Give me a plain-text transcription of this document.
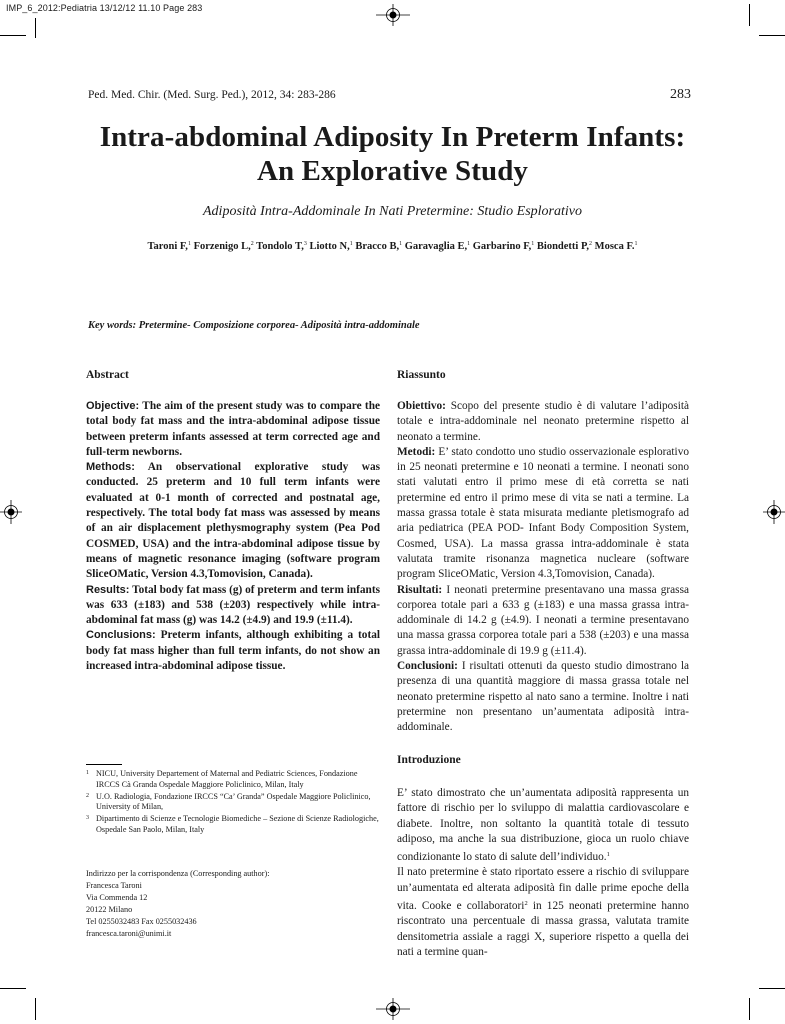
IMP_6_2012:Pediatria 13/12/12 11.10 Page 283
Ped. Med. Chir. (Med. Surg. Ped.), 2012, 34: 283-286	283
Intra-abdominal Adiposity In Preterm Infants:
An Explorative Study
Adiposità Intra-Addominale In Nati Pretermine: Studio Esplorativo
Taroni F,$^1$ Forzenigo L,$^2$ Tondolo T,$^3$ Liotto N,$^1$ Bracco B,$^1$ Garavaglia E,$^1$ Garbarino F,$^1$ Biondetti P,$^2$ Mosca F.$^1$
Key words: Pretermine- Composizione corporea- Adiposità intra-addominale
Abstract

Objective: The aim of the present study was to compare the total body fat mass and the intra-abdominal adipose tissue between preterm infants assessed at term corrected age and full-term newborns.

Methods: An observational explorative study was conducted. 25 preterm and 10 full term infants were evaluated at 0-1 month of corrected and postnatal age, respectively. The total body fat mass was assessed by means of an air displacement plethysmography system (Pea Pod COSMED, USA) and the intra-abdominal adipose tissue by means of magnetic resonance imaging (software program SliceOMatic, Version 4.3,Tomovision, Canada).

Results: Total body fat mass (g) of preterm and term infants was 633 (±183) and 538 (±203) respectively while intra-abdominal fat mass (g) was 14.2 (±4.9) and 19.9 (±11.4).

Conclusions: Preterm infants, although exhibiting a total body fat mass higher than full term infants, do not show an increased intra-abdominal adipose tissue.

Riassunto

Obiettivo: Scopo del presente studio è di valutare l’adiposità totale e intra-addominale nel neonato pretermine rispetto al neonato a termine.

Metodi: E’ stato condotto uno studio osservazionale esplorativo in 25 neonati pretermine e 10 neonati a termine. I neonati sono stati valutati entro il primo mese di età corretta se nati pretermine ed entro il primo mese di vita se nati a termine. La massa grassa totale è stata misurata mediante pletismografo ad aria pediatrica (PEA POD- Infant Body Composition System, Cosmed, USA). La massa grassa intra-addominale è stata valutata tramite risonanza magnetica nucleare (software program SliceOMatic, Version 4.3,Tomovision, Canada).

Risultati: I neonati pretermine presentavano una massa grassa corporea totale pari a 633 g (±183) e una massa grassa intra-addominale di 14.2 g (±4.9). I neonati a termine presentavano una massa grassa corporea totale pari a 538 (±203) e una massa grassa intra-addominale di 19.9 g (±11.4).

Conclusioni: I risultati ottenuti da questo studio dimostrano la presenza di una quantità maggiore di massa grassa totale nel neonato pretermine rispetto al nato sano a termine. Inoltre i nati pretermine non presentano un’aumentata adiposità intra-addominale.

Introduzione

E’ stato dimostrato che un’aumentata adiposità rappresenta un fattore di rischio per lo sviluppo di malattia cardiovascolare e diabete. Inoltre, non soltanto la quantità totale di tessuto adiposo, ma anche la sua distribuzione, gioca un ruolo chiave condizionante lo stato di salute dell’individuo.$^1$

Il nato pretermine è stato riportato essere a rischio di sviluppare un’aumentata ed alterata adiposità fin dalle prime epoche della vita. Cooke e collaboratori$^2$ in 125 neonati pretermine hanno riscontrato una percentuale di massa grassa, valutata tramite densitometria assiale a raggi X, superiore rispetto a quella dei nati a termine quan-

1 NICU, University Departement of Maternal and Pediatric Sciences, Fondazione IRCCS Cà Granda Ospedale Maggiore Policlinico, Milan, Italy
2 U.O. Radiologia, Fondazione IRCCS “Ca’ Granda” Ospedale Maggiore Policlinico, University of Milan,
3 Dipartimento di Scienze e Tecnologie Biomediche – Sezione di Scienze Radiologiche, Ospedale San Paolo, Milan, Italy
Indirizzo per la corrispondenza (Corresponding author):
Francesca Taroni
Via Commenda 12
20122 Milano
Tel 0255032483 Fax 0255032436
francesca.taroni@unimi.it
